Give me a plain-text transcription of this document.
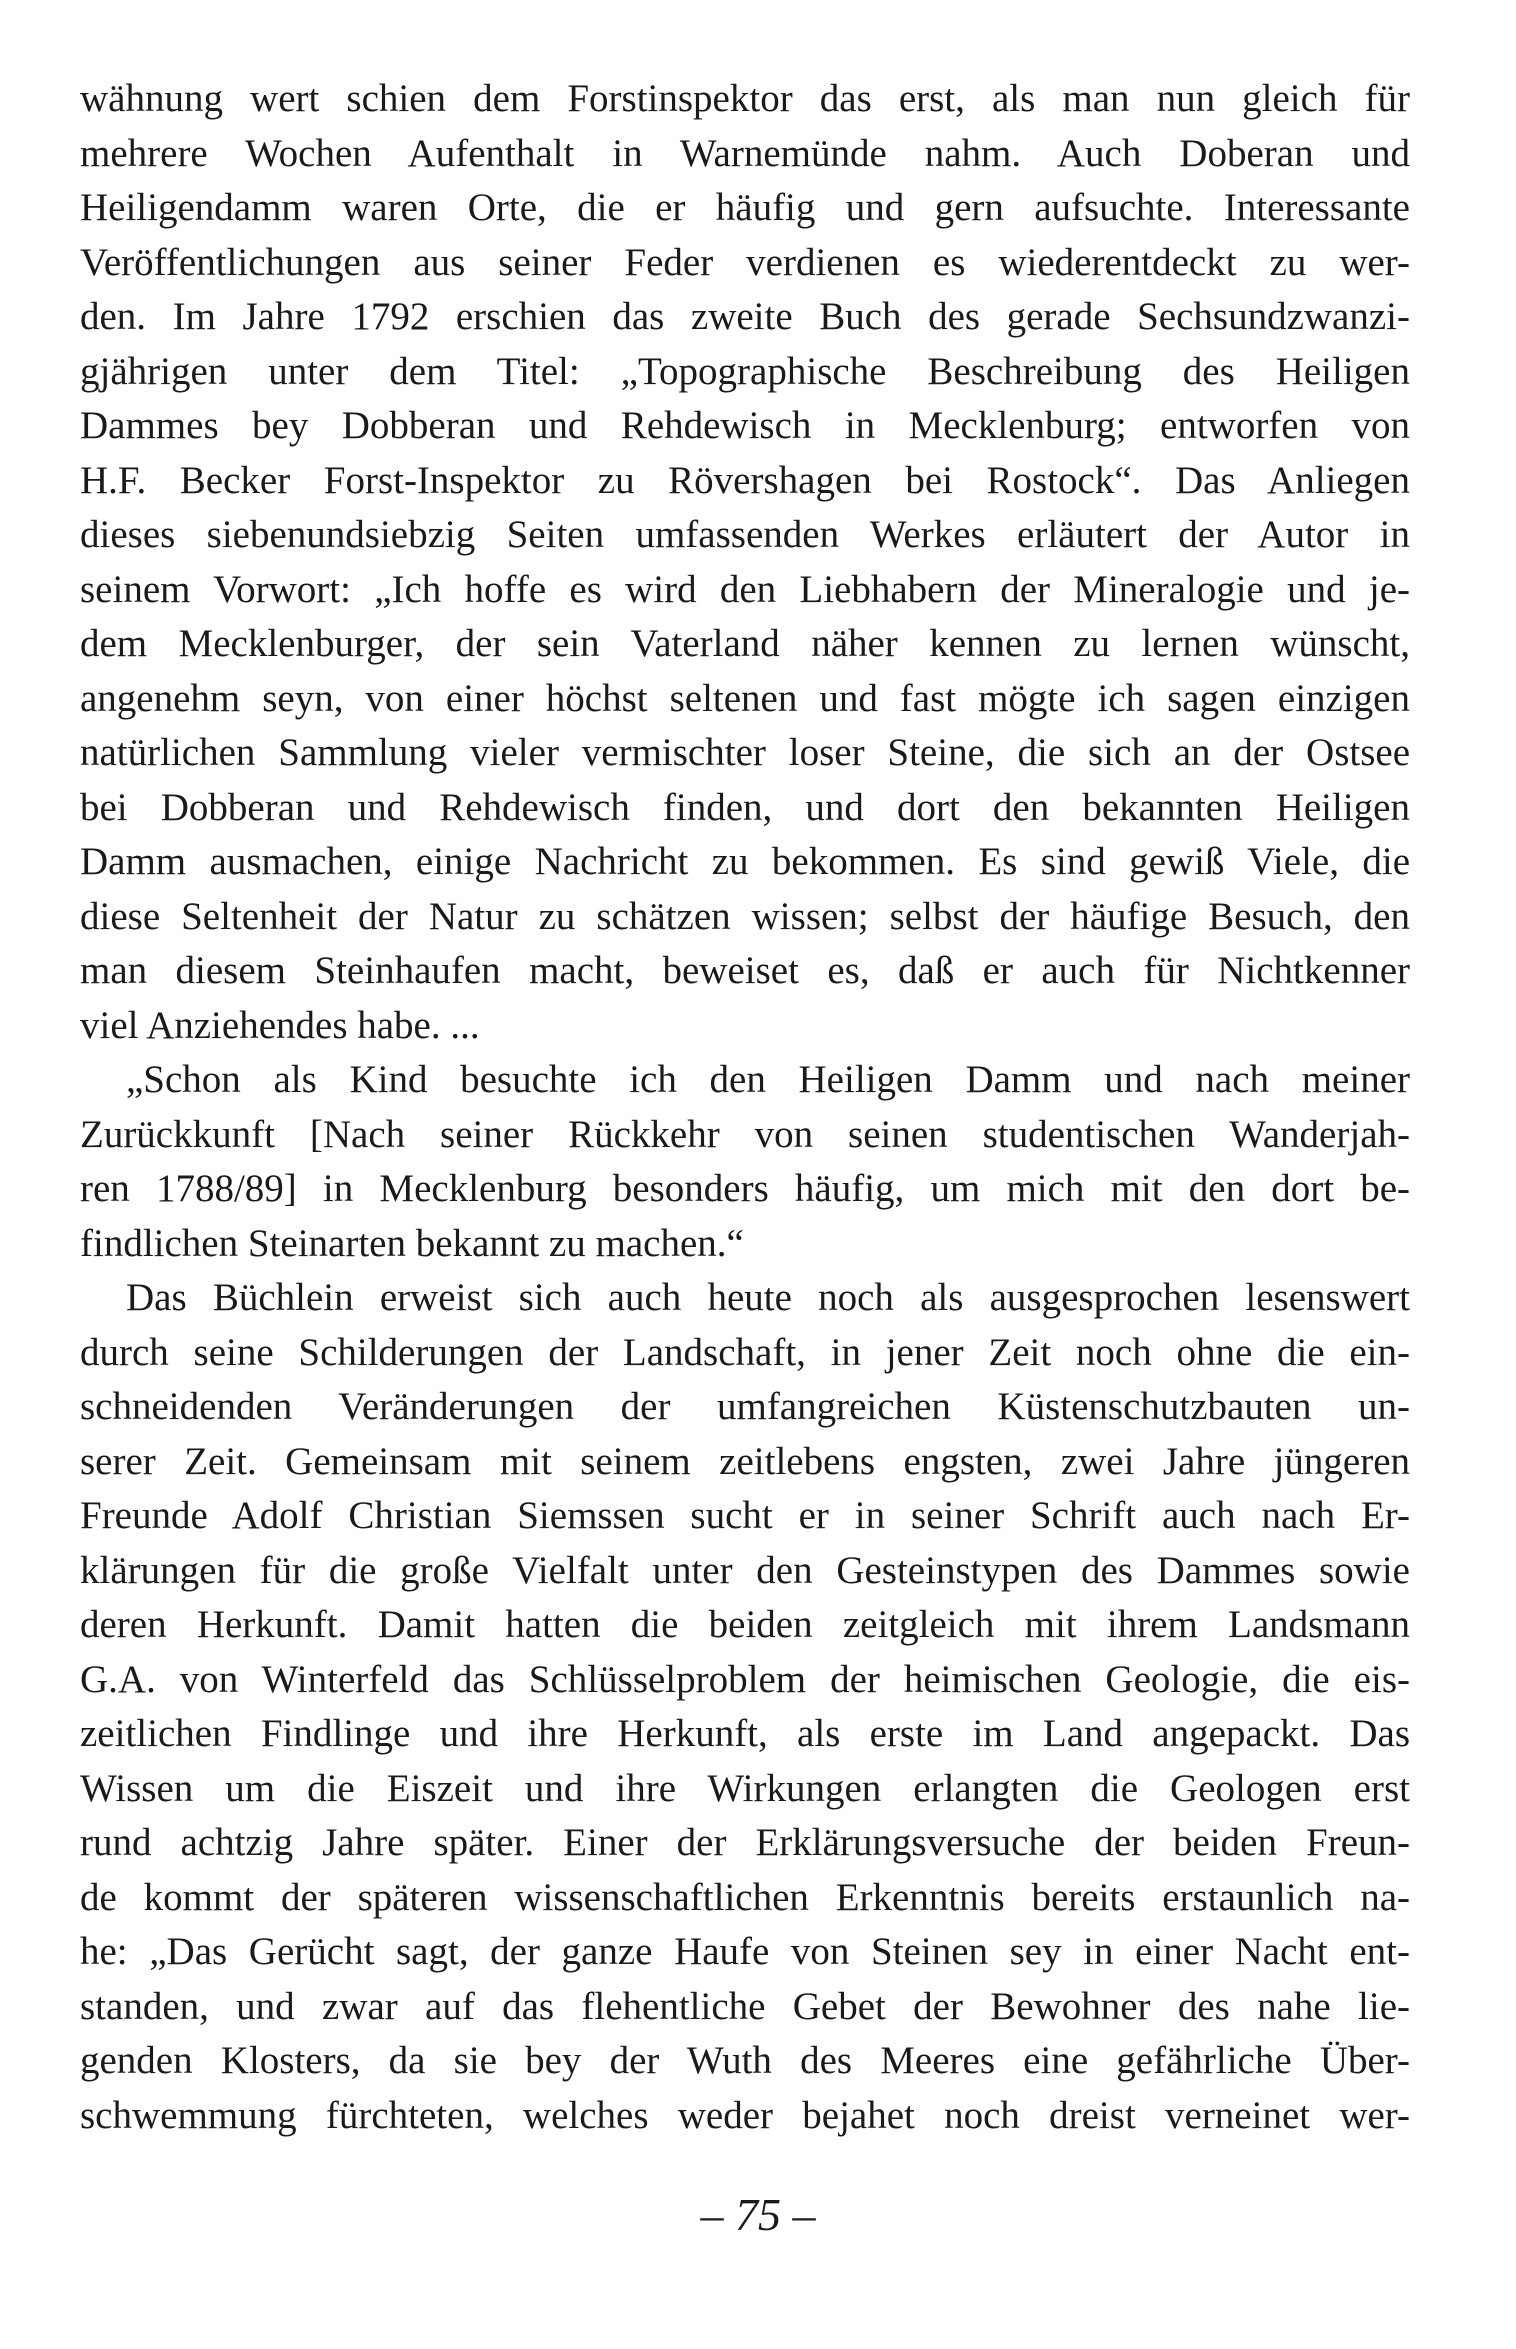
wähnung wert schien dem Forstinspektor das erst, als man nun gleich für
mehrere Wochen Aufenthalt in Warnemünde nahm. Auch Doberan und
Heiligendamm waren Orte, die er häufig und gern aufsuchte. Interessante
Veröffentlichungen aus seiner Feder verdienen es wiederentdeckt zu wer-
den. Im Jahre 1792 erschien das zweite Buch des gerade Sechsundzwanzi-
gjährigen unter dem Titel: „Topographische Beschreibung des Heiligen
Dammes bey Dobberan und Rehdewisch in Mecklenburg; entworfen von
H.F. Becker Forst-Inspektor zu Rövershagen bei Rostock“. Das Anliegen
dieses siebenundsiebzig Seiten umfassenden Werkes erläutert der Autor in
seinem Vorwort: „Ich hoffe es wird den Liebhabern der Mineralogie und je-
dem Mecklenburger, der sein Vaterland näher kennen zu lernen wünscht,
angenehm seyn, von einer höchst seltenen und fast mögte ich sagen einzigen
natürlichen Sammlung vieler vermischter loser Steine, die sich an der Ostsee
bei Dobberan und Rehdewisch finden, und dort den bekannten Heiligen
Damm ausmachen, einige Nachricht zu bekommen. Es sind gewiß Viele, die
diese Seltenheit der Natur zu schätzen wissen; selbst der häufige Besuch, den
man diesem Steinhaufen macht, beweiset es, daß er auch für Nichtkenner
viel Anziehendes habe. ...
„Schon als Kind besuchte ich den Heiligen Damm und nach meiner
Zurückkunft [Nach seiner Rückkehr von seinen studentischen Wanderjah-
ren 1788/89] in Mecklenburg besonders häufig, um mich mit den dort be-
findlichen Steinarten bekannt zu machen.“
Das Büchlein erweist sich auch heute noch als ausgesprochen lesenswert
durch seine Schilderungen der Landschaft, in jener Zeit noch ohne die ein-
schneidenden Veränderungen der umfangreichen Küstenschutzbauten un-
serer Zeit. Gemeinsam mit seinem zeitlebens engsten, zwei Jahre jüngeren
Freunde Adolf Christian Siemssen sucht er in seiner Schrift auch nach Er-
klärungen für die große Vielfalt unter den Gesteinstypen des Dammes sowie
deren Herkunft. Damit hatten die beiden zeitgleich mit ihrem Landsmann
G.A. von Winterfeld das Schlüsselproblem der heimischen Geologie, die eis-
zeitlichen Findlinge und ihre Herkunft, als erste im Land angepackt. Das
Wissen um die Eiszeit und ihre Wirkungen erlangten die Geologen erst
rund achtzig Jahre später. Einer der Erklärungsversuche der beiden Freun-
de kommt der späteren wissenschaftlichen Erkenntnis bereits erstaunlich na-
he: „Das Gerücht sagt, der ganze Haufe von Steinen sey in einer Nacht ent-
standen, und zwar auf das flehentliche Gebet der Bewohner des nahe lie-
genden Klosters, da sie bey der Wuth des Meeres eine gefährliche Über-
schwemmung fürchteten, welches weder bejahet noch dreist verneinet wer-
– 75 –
